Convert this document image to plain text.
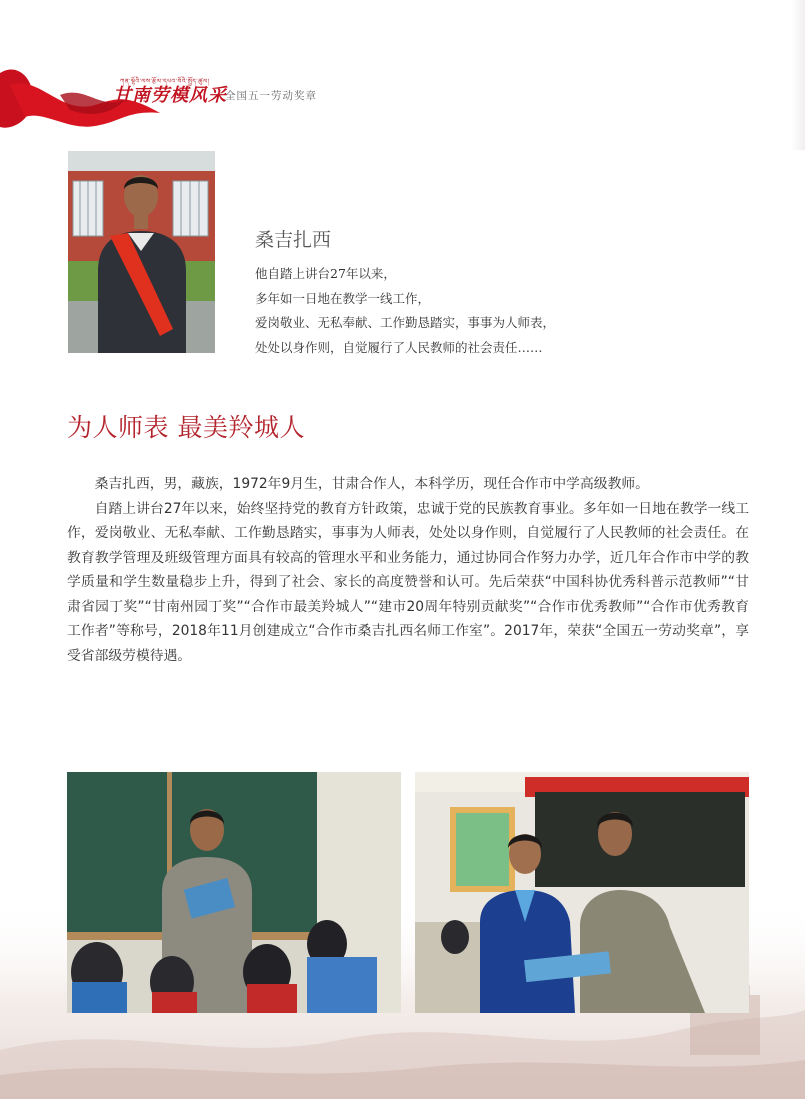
ཀན་ལྷོའི་ལས་རྩོལ་དཔའ་བོའི་སྤྱོད་ཚུལ།
甘南劳模风采
全国五一劳动奖章
桑吉扎西
他自踏上讲台27年以来，
多年如一日地在教学一线工作，
爱岗敬业、无私奉献、工作勤恳踏实，事事为人师表，
处处以身作则，自觉履行了人民教师的社会责任……
为人师表 最美羚城人

桑吉扎西，男，藏族，1972年9月生，甘肃合作人，本科学历，现任合作市中学高级教师。

自踏上讲台27年以来，始终坚持党的教育方针政策，忠诚于党的民族教育事业。多年如一日地在教学一线工作，爱岗敬业、无私奉献、工作勤恳踏实，事事为人师表，处处以身作则，自觉履行了人民教师的社会责任。在教育教学管理及班级管理方面具有较高的管理水平和业务能力，通过协同合作努力办学，近几年合作市中学的教学质量和学生数量稳步上升，得到了社会、家长的高度赞誉和认可。先后荣获“中国科协优秀科普示范教师”“甘肃省园丁奖”“甘南州园丁奖”“合作市最美羚城人”“建市20周年特别贡献奖”“合作市优秀教师”“合作市优秀教育工作者”等称号，2018年11月创建成立“合作市桑吉扎西名师工作室”。2017年，荣获“全国五一劳动奖章”，享受省部级劳模待遇。
